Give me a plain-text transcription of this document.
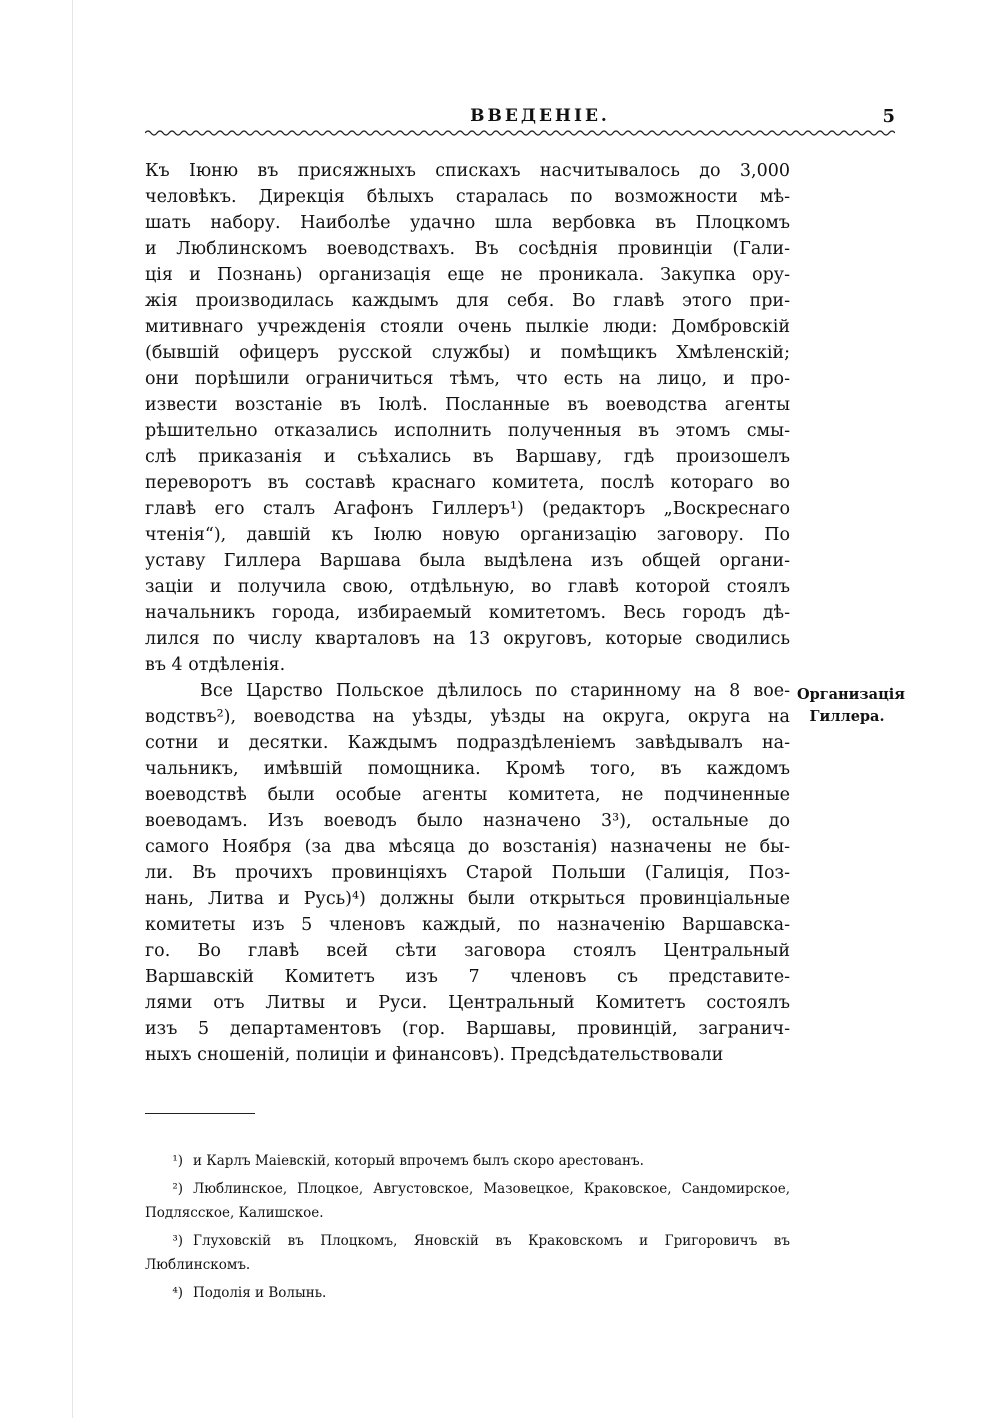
ВВЕДЕНІЕ.	5

Къ Іюню въ присяжныхъ спискахъ насчитывалось до 3,000

человѣкъ. Дирекція бѣлыхъ старалась по возможности мѣ-

шать набору. Наиболѣе удачно шла вербовка въ Плоцкомъ

и Люблинскомъ воеводствахъ. Въ сосѣднія провинціи (Гали-

ція и Познань) организація еще не проникала. Закупка ору-

жія производилась каждымъ для себя. Во главѣ этого при-

митивнаго учрежденія стояли очень пылкіе люди: Домбровскій

(бывшій офицеръ русской службы) и помѣщикъ Хмѣленскій;

они порѣшили ограничиться тѣмъ, что есть на лицо, и про-

извести возстаніе въ Іюлѣ. Посланные въ воеводства агенты

рѣшительно отказались исполнить полученныя въ этомъ смы-

слѣ приказанія и съѣхались въ Варшаву, гдѣ произошелъ

переворотъ въ составѣ краснаго комитета, послѣ котораго во

главѣ его сталъ Агафонъ Гиллеръ¹) (редакторъ „Воскреснаго

чтенія“), давшій къ Іюлю новую организацію заговору. По

уставу Гиллера Варшава была выдѣлена изъ общей органи-

заціи и получила свою, отдѣльную, во главѣ которой стоялъ

начальникъ города, избираемый комитетомъ. Весь городъ дѣ-

лился по числу кварталовъ на 13 округовъ, которые сводились

въ 4 отдѣленія.

Все Царство Польское дѣлилось по старинному на 8 вое-

водствъ²), воеводства на уѣзды, уѣзды на округа, округа на

сотни и десятки. Каждымъ подраздѣленіемъ завѣдывалъ на-

чальникъ, имѣвшій помощника. Кромѣ того, въ каждомъ

воеводствѣ были особые агенты комитета, не подчиненные

воеводамъ. Изъ воеводъ было назначено 3³), остальные до

самого Ноября (за два мѣсяца до возстанія) назначены не бы-

ли. Въ прочихъ провинціяхъ Старой Польши (Галиція, Поз-

нань, Литва и Русь)⁴) должны были открыться провинціальные

комитеты изъ 5 членовъ каждый, по назначенію Варшавска-

го. Во главѣ всей сѣти заговора стоялъ Центральный

Варшавскій Комитетъ изъ 7 членовъ съ представите-

лями отъ Литвы и Руси. Центральный Комитетъ состоялъ

изъ 5 департаментовъ (гор. Варшавы, провинцій, загранич-

ныхъ сношеній, полиціи и финансовъ). Предсѣдательствовали

Организація
Гиллера.

¹) и Карлъ Маіевскій, который впрочемъ былъ скоро арестованъ.

²) Люблинское, Плоцкое, Августовское, Мазовецкое, Краковское, Сандомирское, Подлясское, Калишское.

³) Глуховскій въ Плоцкомъ, Яновскій въ Краковскомъ и Григоровичъ въ Люблинскомъ.

⁴) Подолія и Волынь.
